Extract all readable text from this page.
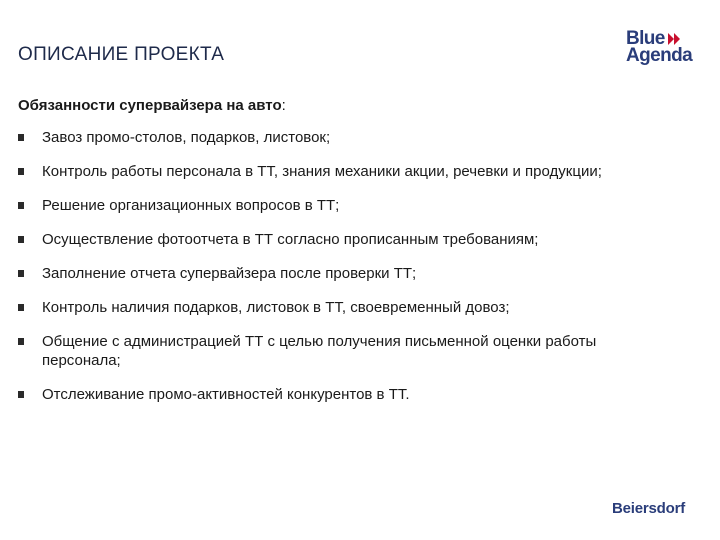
ОПИСАНИЕ ПРОЕКТА
Blue
Agenda
Обязанности супервайзера на авто:
Завоз промо-столов, подарков, листовок;
Контроль работы персонала в ТТ, знания механики акции, речевки и продукции;
Решение организационных вопросов в ТТ;
Осуществление фотоотчета в ТТ согласно прописанным требованиям;
Заполнение отчета супервайзера после проверки ТТ;
Контроль наличия подарков, листовок в ТТ, своевременный довоз;
Общение с администрацией ТТ с целью получения письменной оценки работы персонала;
Отслеживание промо-активностей конкурентов в ТТ.
Beiersdorf
